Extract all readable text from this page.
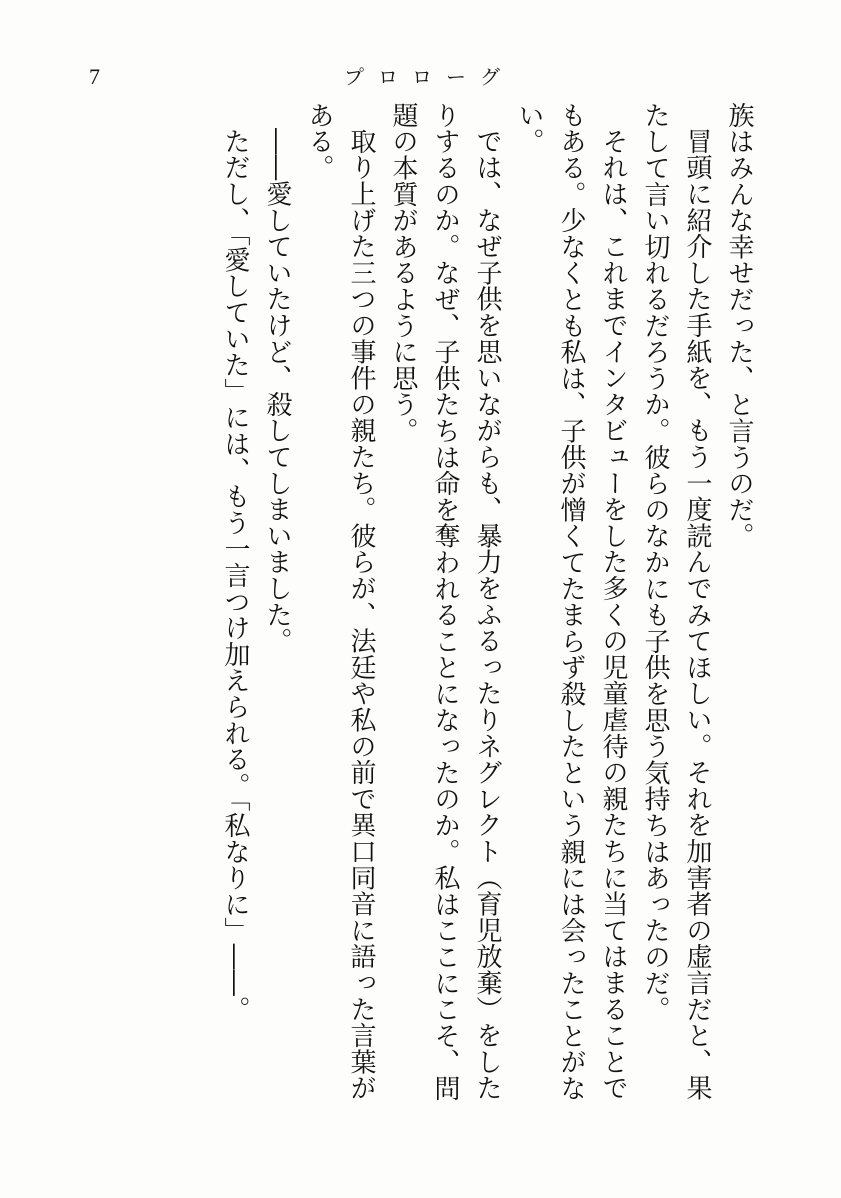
7	プロローグ
族はみんな幸せだった、と言うのだ。
冒頭に紹介した手紙を、もう一度読んでみてほしい。それを加害者の虚言だと、果
たして言い切れるだろうか。彼らのなかにも子供を思う気持ちはあったのだ。
それは、これまでインタビューをした多くの児童虐待の親たちに当てはまることで
もある。少なくとも私は、子供が憎くてたまらず殺したという親には会ったことがな
い。
では、なぜ子供を思いながらも、暴力をふるったりネグレクト（育児放棄）をした
りするのか。なぜ、子供たちは命を奪われることになったのか。私はここにこそ、問
題の本質があるように思う。
取り上げた三つの事件の親たち。彼らが、法廷や私の前で異口同音に語った言葉が
ある。
――愛していたけど、殺してしまいました。
ただし、「愛していた」には、もう一言つけ加えられる。「私なりに」――。
